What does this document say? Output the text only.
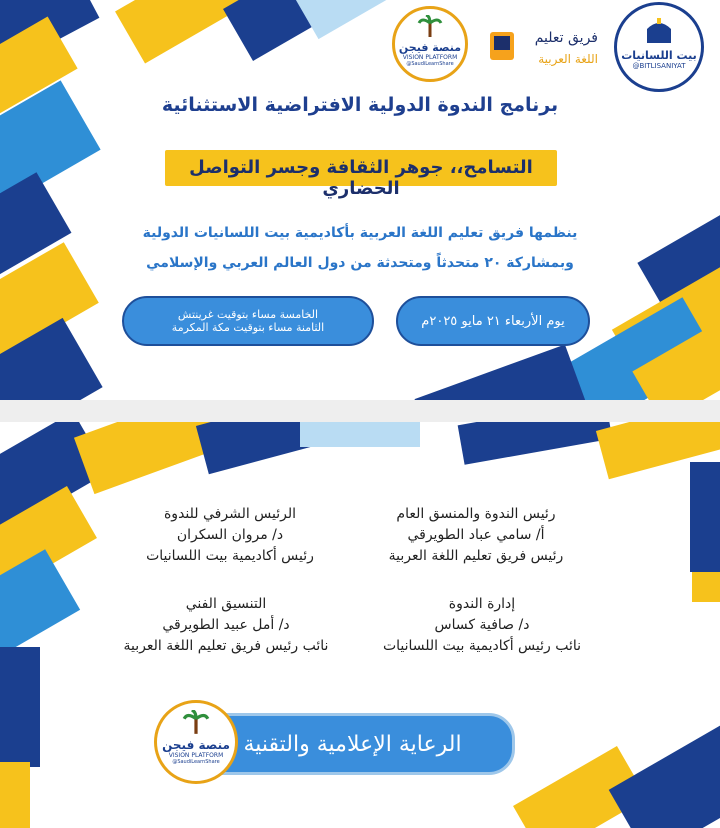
بيت اللسانيات
@BITLISANIYAT
فريق تعليم
اللغة العربية
منصة فيجن
VISION PLATFORM
@SaudiLearnShare
برنامج الندوة الدولية الافتراضية الاستثنائية
التسامح،، جوهر الثقافة وجسر التواصل الحضاري
ينظمها فريق تعليم اللغة العربية بأكاديمية بيت اللسانيات الدولية
وبمشاركة ٢٠ متحدثاً ومتحدثة من دول العالم العربي والإسلامي
يوم الأربعاء ٢١ مايو ٢٠٢٥م
الخامسة مساء بتوقيت غرينتش
الثامنة مساء بتوقيت مكة المكرمة
رئيس الندوة والمنسق العام
أ/ سامي عباد الطويرقي
رئيس فريق تعليم اللغة العربية
الرئيس الشرفي للندوة
د/ مروان السكران
رئيس أكاديمية بيت اللسانيات
إدارة الندوة
د/ صافية كساس
نائب رئيس أكاديمية بيت اللسانيات
التنسيق الفني
د/ أمل عبيد الطويرقي
نائب رئيس فريق تعليم اللغة العربية
الرعاية الإعلامية والتقنية
منصة فيجن
VISION PLATFORM
@SaudiLearnShare
